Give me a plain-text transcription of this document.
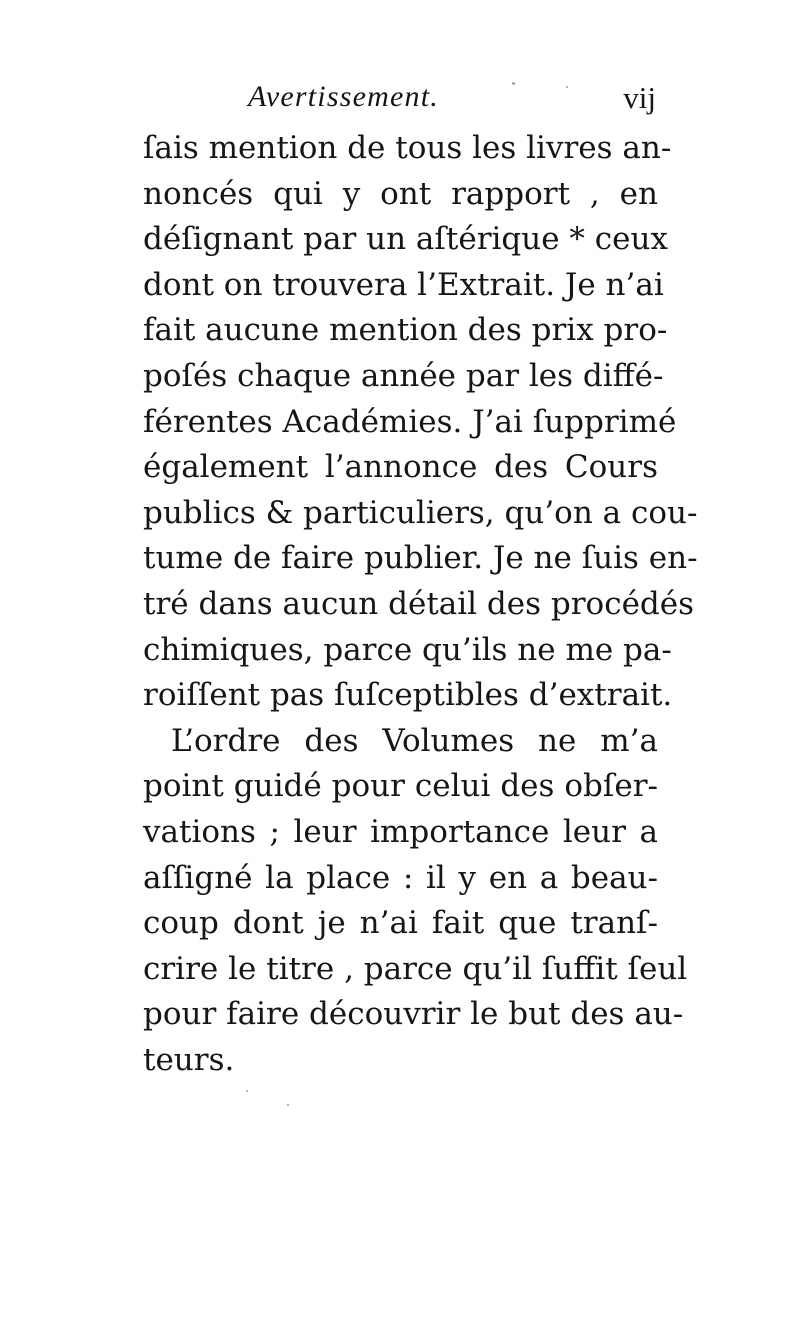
Avertissement.	vij
ſais mention de tous les livres an-
noncés qui y ont rapport , en
déſignant par un aſtérique * ceux
dont on trouvera l’Extrait. Je n’ai
fait aucune mention des prix pro-
poſés chaque année par les diffé-
férentes Académies. J’ai ſupprimé
également l’annonce des Cours
publics & particuliers, qu’on a cou-
tume de faire publier. Je ne ſuis en-
tré dans aucun détail des procédés
chimiques, parce qu’ils ne me pa-
roiſſent pas ſuſceptibles d’extrait.
L’ordre des Volumes ne m’a
point guidé pour celui des obſer-
vations ; leur importance leur a
aſſigné la place : il y en a beau-
coup dont je n’ai fait que tranſ-
crire le titre , parce qu’il ſuffit ſeul
pour faire découvrir le but des au-
teurs.
